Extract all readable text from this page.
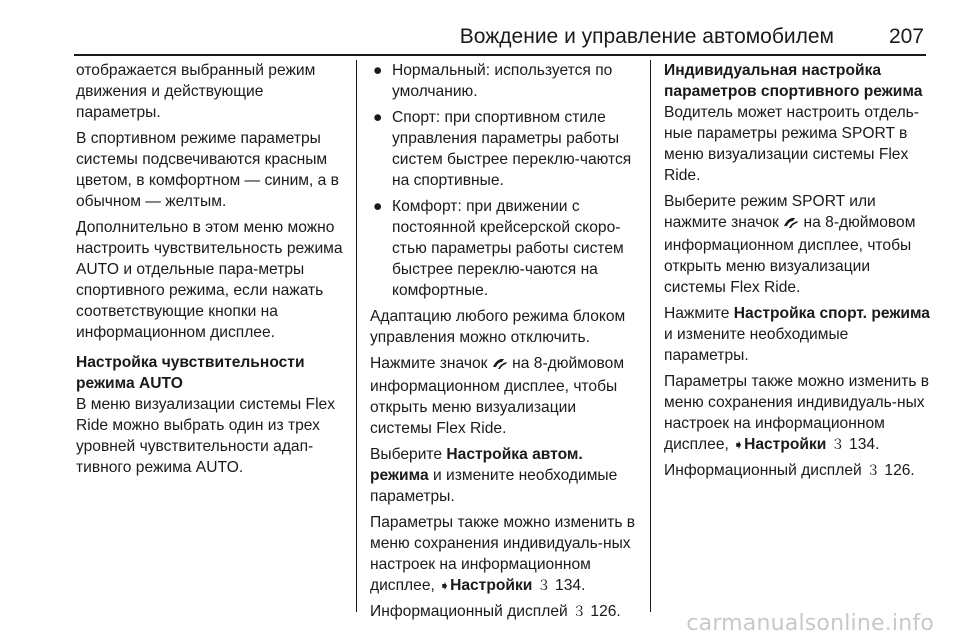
Вождение и управление автомобилем	207

отображается выбранный режим движения и действующие параметры.

В спортивном режиме параметры системы подсвечиваются красным цветом, в комфортном — синим, а в обычном — желтым.

Дополнительно в этом меню можно настроить чувствительность режима AUTO и отдельные пара-метры спортивного режима, если нажать соответствующие кнопки на информационном дисплее.

Настройка чувствительности режима AUTO

В меню визуализации системы Flex Ride можно выбрать один из трех уровней чувствительности адап-тивного режима AUTO.

● Нормальный: используется по умолчанию.
● Спорт: при спортивном стиле управления параметры работы систем быстрее переклю-чаются на спортивные.
● Комфорт: при движении с постоянной крейсерской скоро-стью параметры работы систем быстрее переклю-чаются на комфортные.

Адаптацию любого режима блоком управления можно отключить.

Нажмите значок на 8-дюймовом информационном дисплее, чтобы открыть меню визуализации системы Flex Ride.

Выберите Настройка автом. режима и измените необходимые параметры.

Параметры также можно изменить в меню сохранения индивидуаль-ных настроек на информационном дисплее, ➧Настройки ３ 134.

Информационный дисплей ３ 126.

Индивидуальная настройка параметров спортивного режима

Водитель может настроить отдель-ные параметры режима SPORT в меню визуализации системы Flex Ride.

Выберите режим SPORT или нажмите значок на 8-дюймовом информационном дисплее, чтобы открыть меню визуализации системы Flex Ride.

Нажмите Настройка спорт. режима и измените необходимые параметры.

Параметры также можно изменить в меню сохранения индивидуаль-ных настроек на информационном дисплее, ➧Настройки ３ 134.

Информационный дисплей ３ 126.

carmanualsonline.info
